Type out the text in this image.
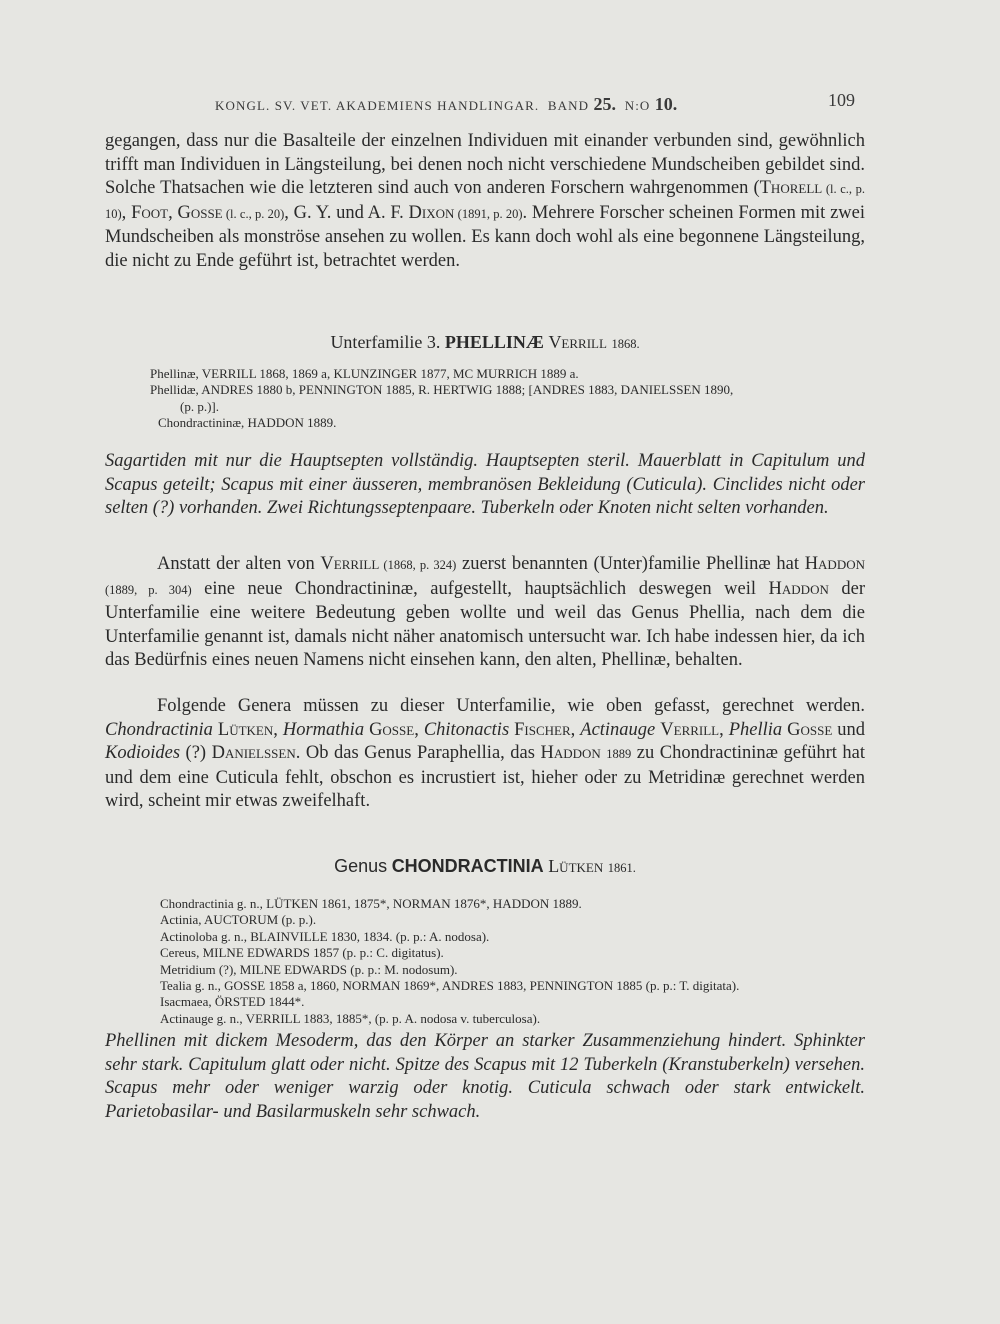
KONGL. SV. VET. AKADEMIENS HANDLINGAR. BAND 25. N:O 10.	109
gegangen, dass nur die Basalteile der einzelnen Individuen mit einander verbunden sind, gewöhnlich trifft man Individuen in Längsteilung, bei denen noch nicht verschiedene Mundscheiben gebildet sind. Solche Thatsachen wie die letzteren sind auch von anderen Forschern wahrgenommen (Thorell (l. c., p. 10), Foot, Gosse (l. c., p. 20), G. Y. und A. F. Dixon (1891, p. 20). Mehrere Forscher scheinen Formen mit zwei Mundscheiben als monströse ansehen zu wollen. Es kann doch wohl als eine begonnene Längsteilung, die nicht zu Ende geführt ist, betrachtet werden.
Unterfamilie 3. PHELLINÆ Verrill 1868.
Phellinæ, VERRILL 1868, 1869 a, KLUNZINGER 1877, MC MURRICH 1889 a.
Phellidæ, ANDRES 1880 b, PENNINGTON 1885, R. HERTWIG 1888; [ANDRES 1883, DANIELSSEN 1890,
(p. p.)].
Chondractininæ, HADDON 1889.
Sagartiden mit nur die Hauptsepten vollständig. Hauptsepten steril. Mauerblatt in Capitulum und Scapus geteilt; Scapus mit einer äusseren, membranösen Bekleidung (Cuticula). Cinclides nicht oder selten (?) vorhanden. Zwei Richtungsseptenpaare. Tuberkeln oder Knoten nicht selten vorhanden.
Anstatt der alten von Verrill (1868, p. 324) zuerst benannten (Unter)familie Phellinæ hat Haddon (1889, p. 304) eine neue Chondractininæ, aufgestellt, hauptsächlich deswegen weil Haddon der Unterfamilie eine weitere Bedeutung geben wollte und weil das Genus Phellia, nach dem die Unterfamilie genannt ist, damals nicht näher anatomisch untersucht war. Ich habe indessen hier, da ich das Bedürfnis eines neuen Namens nicht einsehen kann, den alten, Phellinæ, behalten.
Folgende Genera müssen zu dieser Unterfamilie, wie oben gefasst, gerechnet werden. Chondractinia Lütken, Hormathia Gosse, Chitonactis Fischer, Actinauge Verrill, Phellia Gosse und Kodioides (?) Danielssen. Ob das Genus Paraphellia, das Haddon 1889 zu Chondractininæ geführt hat und dem eine Cuticula fehlt, obschon es incrustiert ist, hieher oder zu Metridinæ gerechnet werden wird, scheint mir etwas zweifelhaft.
Genus CHONDRACTINIA Lütken 1861.
Chondractinia g. n., LÜTKEN 1861, 1875*, NORMAN 1876*, HADDON 1889.
Actinia, AUCTORUM (p. p.).
Actinoloba g. n., BLAINVILLE 1830, 1834. (p. p.: A. nodosa).
Cereus, MILNE EDWARDS 1857 (p. p.: C. digitatus).
Metridium (?), MILNE EDWARDS (p. p.: M. nodosum).
Tealia g. n., GOSSE 1858 a, 1860, NORMAN 1869*, ANDRES 1883, PENNINGTON 1885 (p. p.: T. digitata).
Isacmaea, ÖRSTED 1844*.
Actinauge g. n., VERRILL 1883, 1885*, (p. p. A. nodosa v. tuberculosa).
Phellinen mit dickem Mesoderm, das den Körper an starker Zusammenziehung hindert. Sphinkter sehr stark. Capitulum glatt oder nicht. Spitze des Scapus mit 12 Tuberkeln (Kranstuberkeln) versehen. Scapus mehr oder weniger warzig oder knotig. Cuticula schwach oder stark entwickelt. Parietobasilar- und Basilarmuskeln sehr schwach.
